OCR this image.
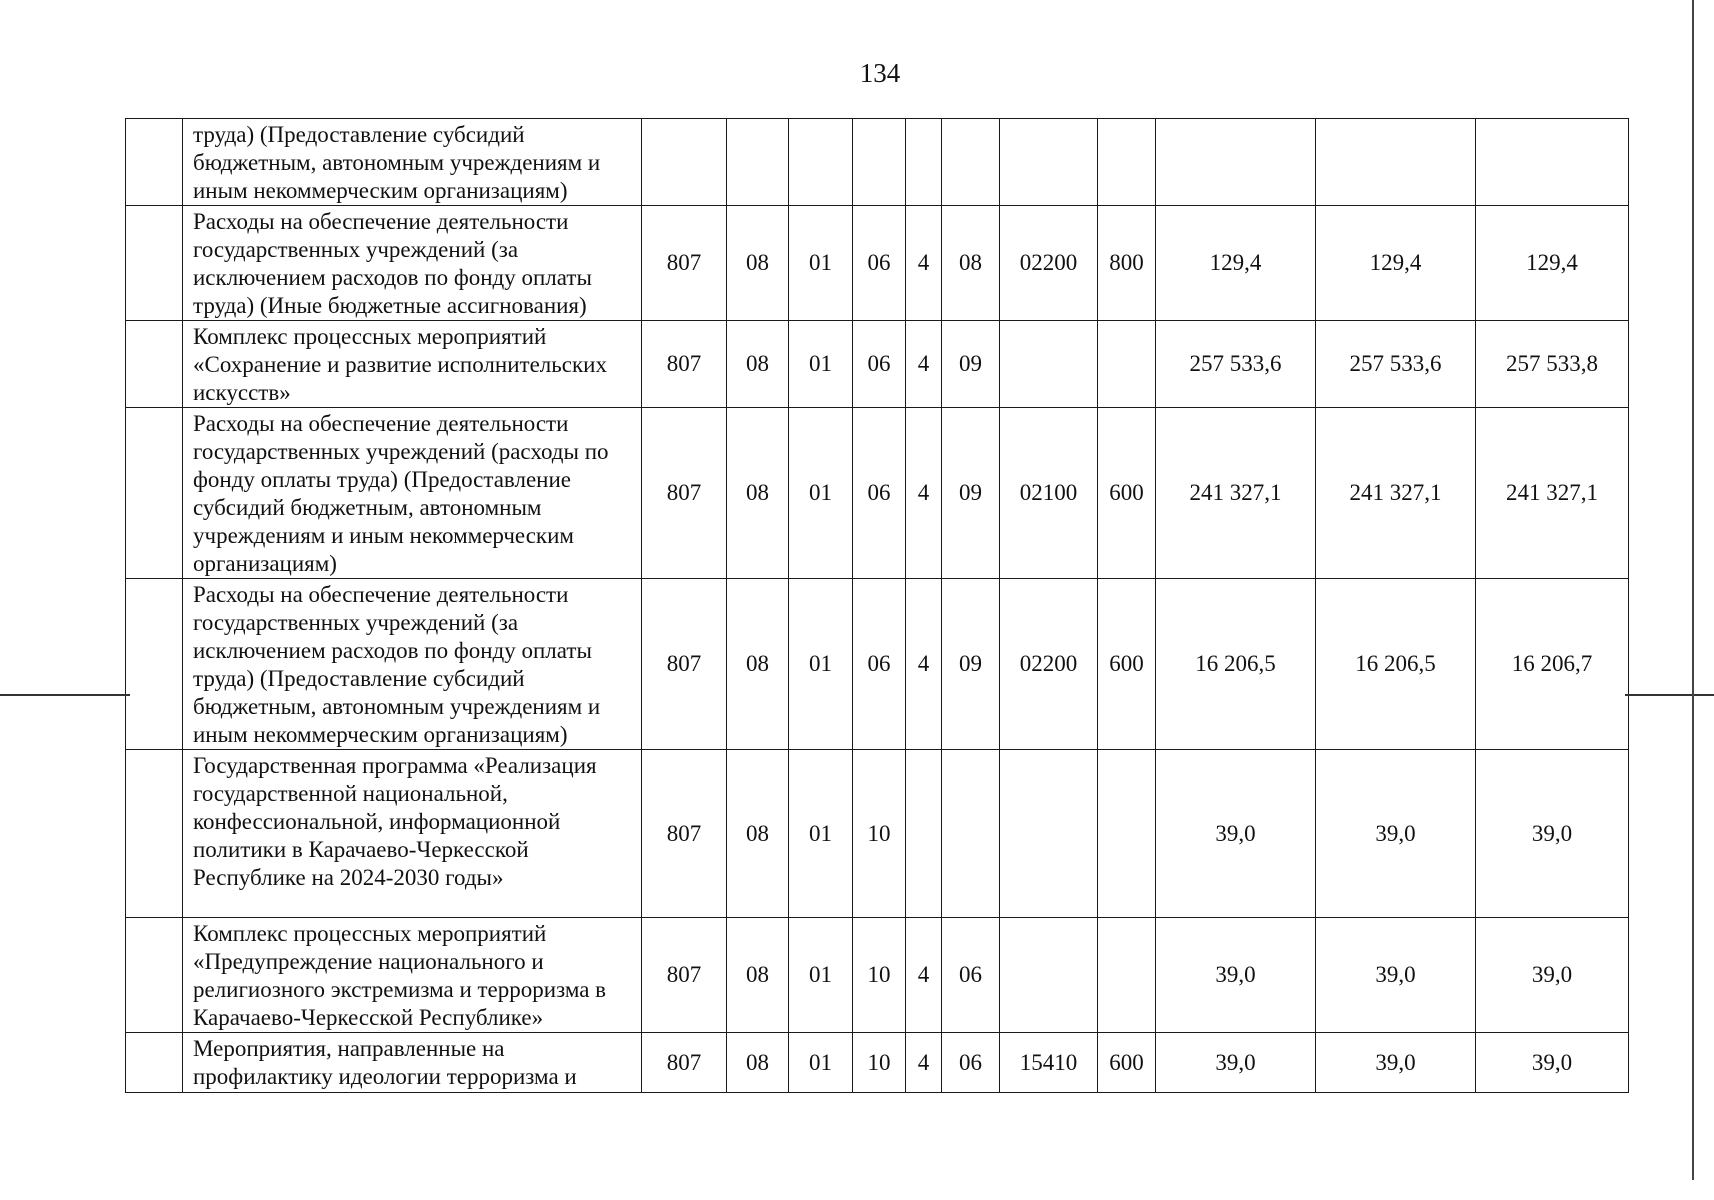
134
	труда) (Предоставление субсидий бюджетным, автономным учреждениям и иным некоммерческим организациям)											
	Расходы на обеспечение деятельности государственных учреждений (за исключением расходов по фонду оплаты труда) (Иные бюджетные ассигнования)	807	08	01	06	4	08	02200	800	129,4	129,4	129,4
	Комплекс процессных мероприятий «Сохранение и развитие исполнительских искусств»	807	08	01	06	4	09			257 533,6	257 533,6	257 533,8
	Расходы на обеспечение деятельности государственных учреждений (расходы по фонду оплаты труда) (Предоставление субсидий бюджетным, автономным учреждениям и иным некоммерческим организациям)	807	08	01	06	4	09	02100	600	241 327,1	241 327,1	241 327,1
	Расходы на обеспечение деятельности государственных учреждений (за исключением расходов по фонду оплаты труда) (Предоставление субсидий бюджетным, автономным учреждениям и иным некоммерческим организациям)	807	08	01	06	4	09	02200	600	16 206,5	16 206,5	16 206,7
	Государственная программа «Реализация государственной национальной, конфессиональной, информационной политики в Карачаево-Черкесской Республике на 2024-2030 годы»	807	08	01	10					39,0	39,0	39,0
	Комплекс процессных мероприятий «Предупреждение национального и религиозного экстремизма и терроризма в Карачаево-Черкесской Республике»	807	08	01	10	4	06			39,0	39,0	39,0
	Мероприятия, направленные на профилактику идеологии терроризма и	807	08	01	10	4	06	15410	600	39,0	39,0	39,0
